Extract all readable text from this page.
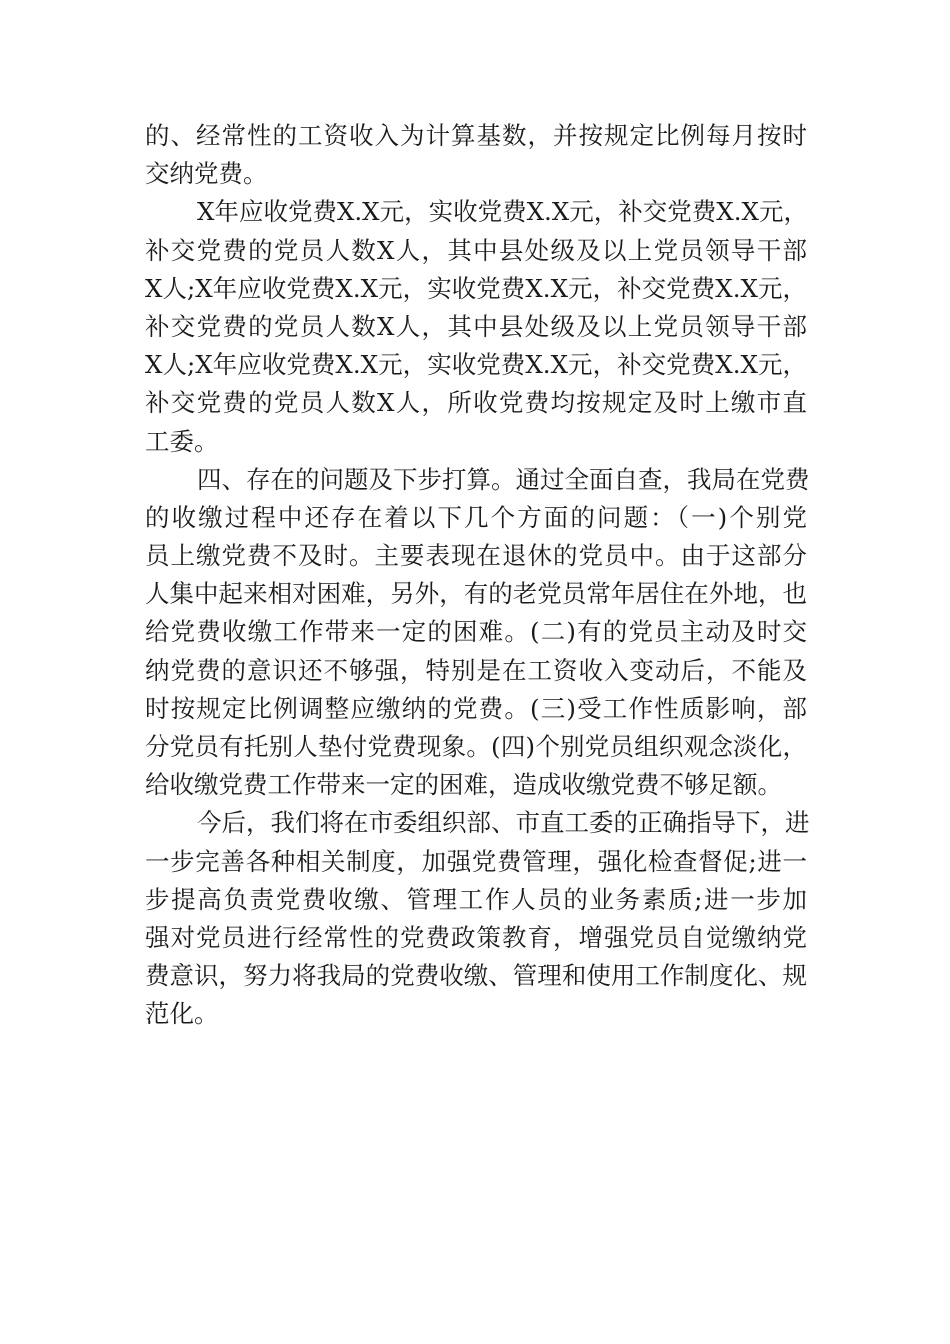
的、经常性的工资收入为计算基数，并按规定比例每月按时
交纳党费。
X年应收党费X.X元，实收党费X.X元，补交党费X.X元，
补交党费的党员人数X人，其中县处级及以上党员领导干部
X人;X年应收党费X.X元，实收党费X.X元，补交党费X.X元，
补交党费的党员人数X人，其中县处级及以上党员领导干部
X人;X年应收党费X.X元，实收党费X.X元，补交党费X.X元，
补交党费的党员人数X人，所收党费均按规定及时上缴市直
工委。
四、存在的问题及下步打算。通过全面自查，我局在党费
的收缴过程中还存在着以下几个方面的问题：（一)个别党
员上缴党费不及时。主要表现在退休的党员中。由于这部分
人集中起来相对困难，另外，有的老党员常年居住在外地，也
给党费收缴工作带来一定的困难。(二)有的党员主动及时交
纳党费的意识还不够强，特别是在工资收入变动后，不能及
时按规定比例调整应缴纳的党费。(三)受工作性质影响，部
分党员有托别人垫付党费现象。(四)个别党员组织观念淡化，
给收缴党费工作带来一定的困难，造成收缴党费不够足额。
今后，我们将在市委组织部、市直工委的正确指导下，进
一步完善各种相关制度，加强党费管理，强化检查督促;进一
步提高负责党费收缴、管理工作人员的业务素质;进一步加
强对党员进行经常性的党费政策教育，增强党员自觉缴纳党
费意识，努力将我局的党费收缴、管理和使用工作制度化、规
范化。
